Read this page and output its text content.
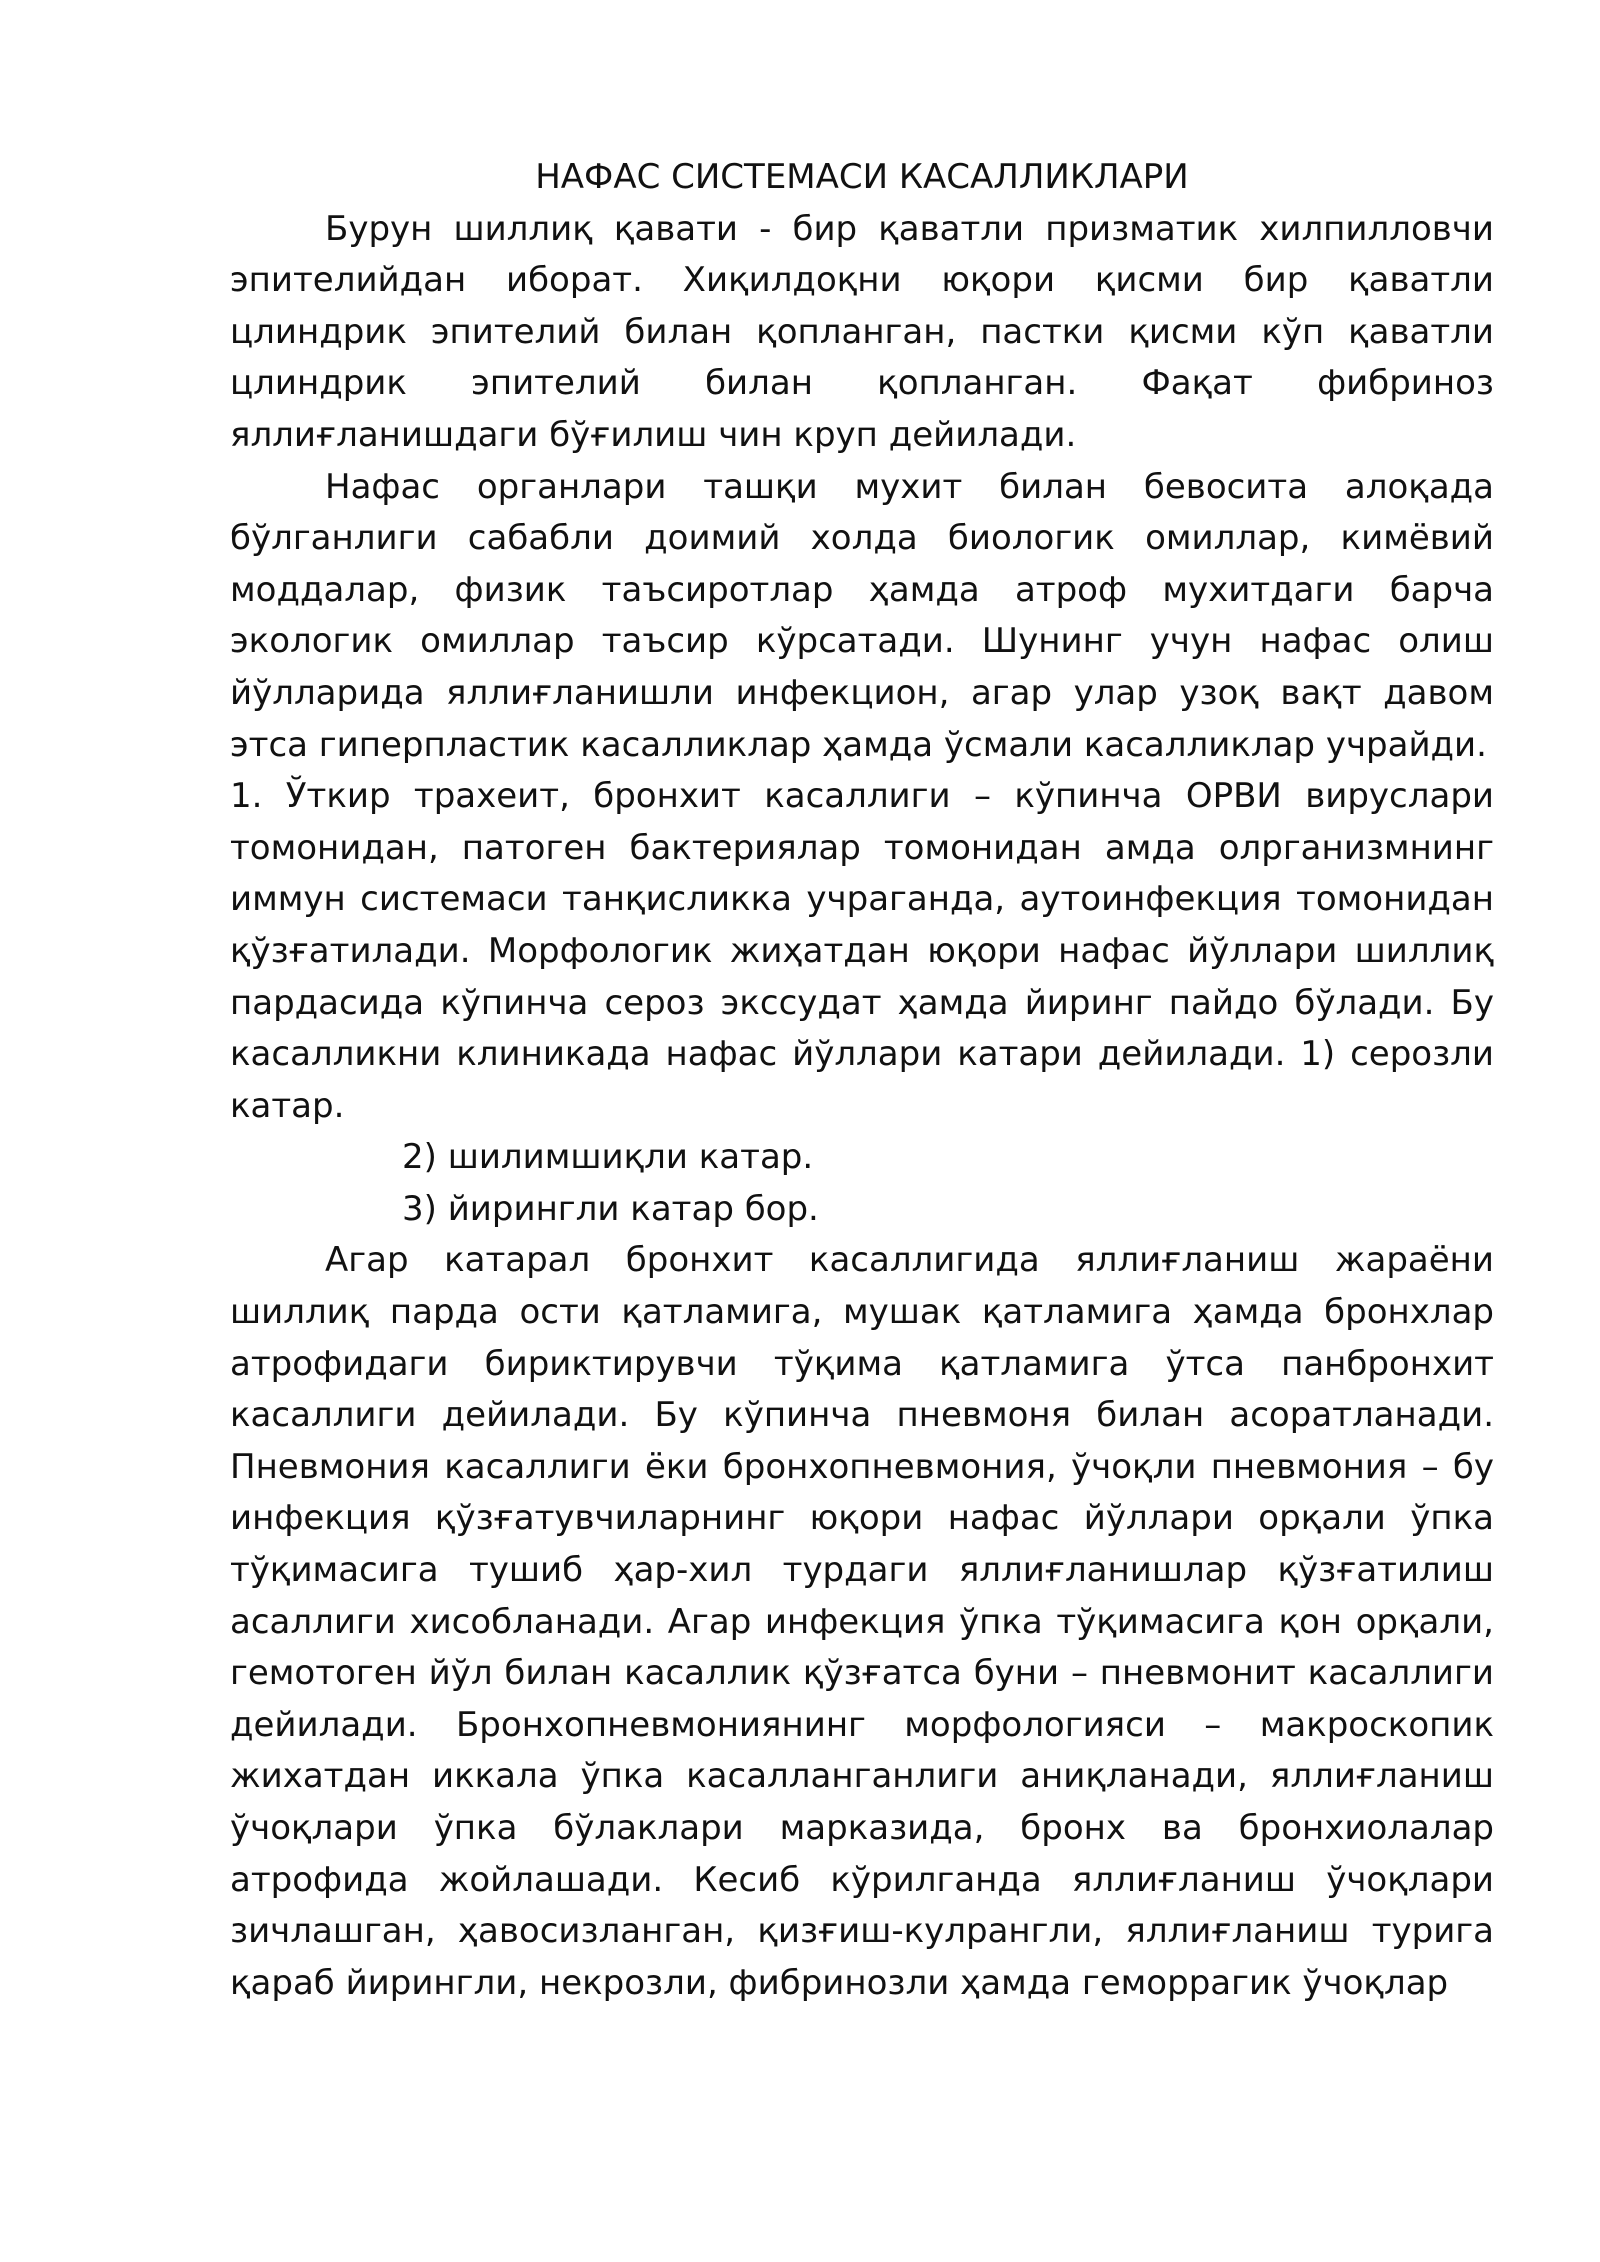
НАФАС СИСТЕМАСИ КАСАЛЛИКЛАРИ

Бурун шиллиқ қавати - бир қаватли призматик хилпилловчи эпителийдан иборат. Хиқилдоқни юқори қисми бир қаватли цлиндрик эпителий билан қопланган, пастки қисми кўп қаватли цлиндрик эпителий билан қопланган. Фақат фибриноз яллиғланишдаги бўғилиш чин круп дейилади.

Нафас органлари ташқи мухит билан бевосита алоқада бўлганлиги сабабли доимий холда биологик омиллар, кимёвий моддалар, физик таъсиротлар ҳамда атроф мухитдаги барча экологик омиллар таъсир кўрсатади. Шунинг учун нафас олиш йўлларида яллиғланишли инфекцион, агар улар узоқ вақт давом этса гиперпластик касалликлар ҳамда ўсмали касалликлар учрайди.

1. Ўткир трахеит, бронхит касаллиги – кўпинча ОРВИ вируслари томонидан, патоген бактериялар томонидан амда олрганизмнинг иммун системаси танқисликка учраганда, аутоинфекция томонидан қўзғатилади. Морфологик жиҳатдан юқори нафас йўллари шиллиқ пардасида кўпинча сероз экссудат ҳамда йиринг пайдо бўлади. Бу касалликни клиникада нафас йўллари катари дейилади. 1) серозли катар.

2) шилимшиқли катар.

3) йирингли катар бор.

Агар катарал бронхит касаллигида яллиғланиш жараёни шиллиқ парда ости қатламига, мушак қатламига ҳамда бронхлар атрофидаги бириктирувчи тўқима қатламига ўтса панбронхит касаллиги дейилади. Бу кўпинча пневмоня билан асоратланади. Пневмония касаллиги ёки бронхопневмония, ўчоқли пневмония – бу инфекция қўзғатувчиларнинг юқори нафас йўллари орқали ўпка тўқимасига тушиб ҳар-хил турдаги яллиғланишлар қўзғатилиш асаллиги хисобланади. Агар инфекция ўпка тўқимасига қон орқали, гемотоген йўл билан касаллик қўзғатса буни – пневмонит касаллиги дейилади. Бронхопневмониянинг морфологияси – макроскопик жихатдан иккала ўпка касалланганлиги аниқланади, яллиғланиш ўчоқлари ўпка бўлаклари марказида, бронх ва бронхиолалар атрофида жойлашади. Кесиб кўрилганда яллиғланиш ўчоқлари зичлашган, ҳавосизланган, қизғиш-кулрангли, яллиғланиш турига қараб йирингли, некрозли, фибринозли ҳамда геморрагик ўчоқлар
